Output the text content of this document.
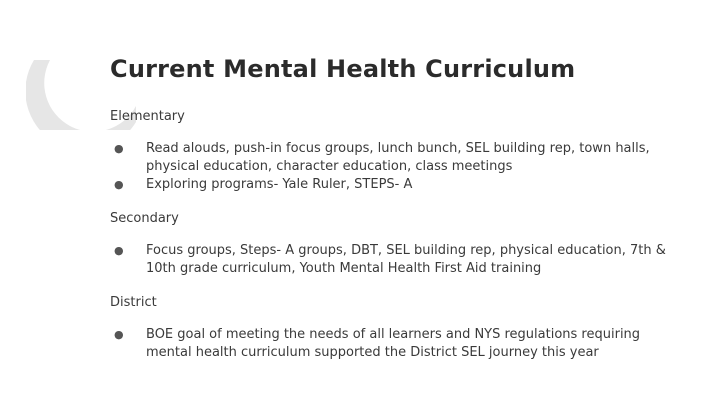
Current Mental Health Curriculum

Elementary

● Read alouds, push-in focus groups, lunch bunch, SEL building rep, town halls, physical education, character education, class meetings
● Exploring programs- Yale Ruler, STEPS- A

Secondary

● Focus groups, Steps- A groups, DBT, SEL building rep, physical education, 7th & 10th grade curriculum, Youth Mental Health First Aid training

District

● BOE goal of meeting the needs of all learners and NYS regulations requiring mental health curriculum supported the District SEL journey this year
